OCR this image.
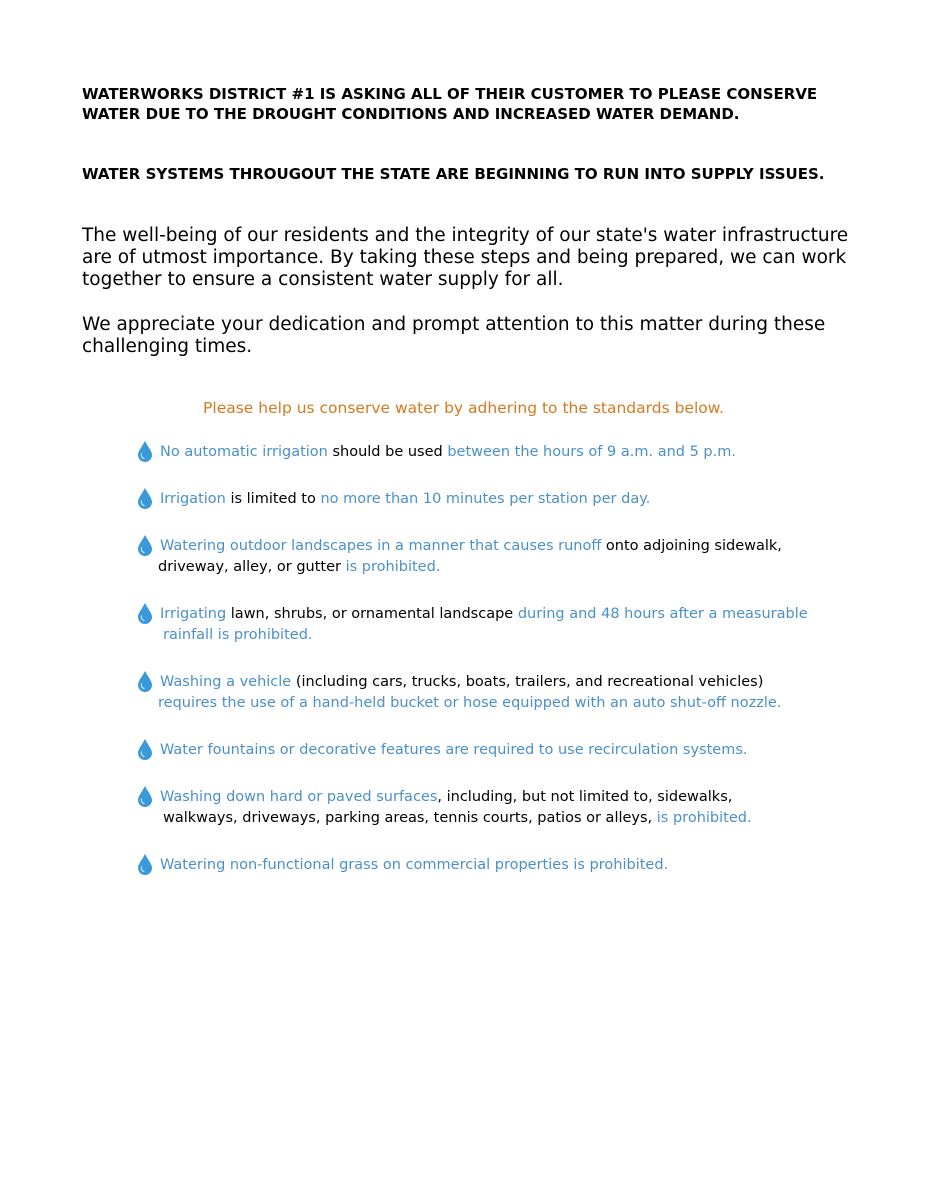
WATERWORKS DISTRICT #1 IS ASKING ALL OF THEIR CUSTOMER TO PLEASE CONSERVE WATER DUE TO THE DROUGHT CONDITIONS AND INCREASED WATER DEMAND.

WATER SYSTEMS THROUGOUT THE STATE ARE BEGINNING TO RUN INTO SUPPLY ISSUES.

The well-being of our residents and the integrity of our state's water infrastructure are of utmost importance. By taking these steps and being prepared, we can work together to ensure a consistent water supply for all.

We appreciate your dedication and prompt attention to this matter during these challenging times.

Please help us conserve water by adhering to the standards below.

No automatic irrigation should be used between the hours of 9 a.m. and 5 p.m.
Irrigation is limited to no more than 10 minutes per station per day.
Watering outdoor landscapes in a manner that causes runoff onto adjoining sidewalk,
driveway, alley, or gutter is prohibited.
Irrigating lawn, shrubs, or ornamental landscape during and 48 hours after a measurable
rainfall is prohibited.
Washing a vehicle (including cars, trucks, boats, trailers, and recreational vehicles)
requires the use of a hand-held bucket or hose equipped with an auto shut-off nozzle.
Water fountains or decorative features are required to use recirculation systems.
Washing down hard or paved surfaces, including, but not limited to, sidewalks,
walkways, driveways, parking areas, tennis courts, patios or alleys, is prohibited.
Watering non-functional grass on commercial properties is prohibited.
